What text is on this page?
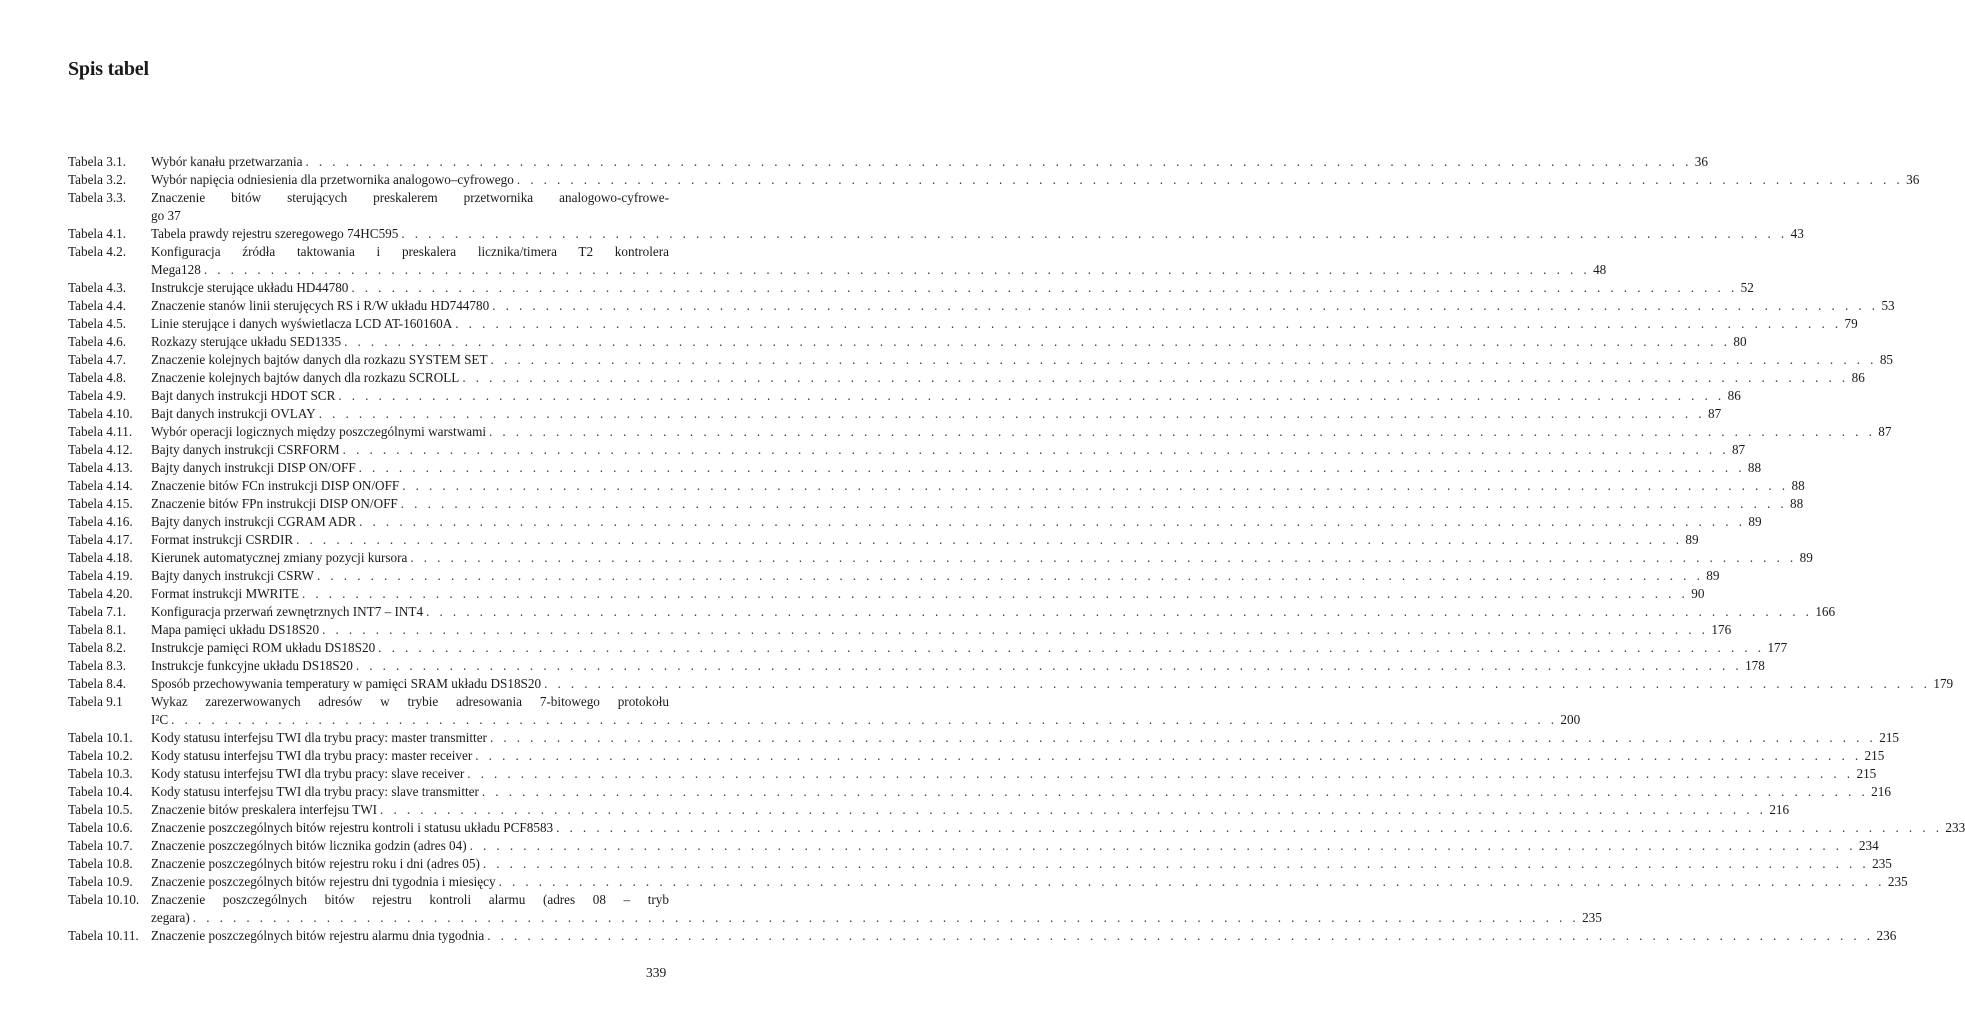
Spis tabel
Tabela 3.1.	Wybór kanału przetwarzania . . .	36
Tabela 3.2.	Wybór napięcia odniesienia dla przetwornika analogowo–cyfrowego . . .	36
Tabela 3.3.	Znaczenie bitów sterujących preskalerem przetwornika analogowo-cyfrowe-
go 37
Tabela 4.1.	Tabela prawdy rejestru szeregowego 74HC595 . . .	43
Tabela 4.2.	Konfiguracja źródła taktowania i preskalera licznika/timera T2 kontrolera
Mega128 . . .	48
Tabela 4.3.	Instrukcje sterujące układu HD44780 . . .	52
Tabela 4.4.	Znaczenie stanów linii sterujęcych RS i R/W układu HD744780 . . .	53
Tabela 4.5.	Linie sterujące i danych wyświetlacza LCD AT-160160A . . .	79
Tabela 4.6.	Rozkazy sterujące układu SED1335 . . .	80
Tabela 4.7.	Znaczenie kolejnych bajtów danych dla rozkazu SYSTEM SET . . .	85
Tabela 4.8.	Znaczenie kolejnych bajtów danych dla rozkazu SCROLL . . .	86
Tabela 4.9.	Bajt danych instrukcji HDOT SCR . . .	86
Tabela 4.10.	Bajt danych instrukcji OVLAY . . .	87
Tabela 4.11.	Wybór operacji logicznych między poszczególnymi warstwami . . .	87
Tabela 4.12.	Bajty danych instrukcji CSRFORM . . .	87
Tabela 4.13.	Bajty danych instrukcji DISP ON/OFF . . .	88
Tabela 4.14.	Znaczenie bitów FCn instrukcji DISP ON/OFF . . .	88
Tabela 4.15.	Znaczenie bitów FPn instrukcji DISP ON/OFF . . .	88
Tabela 4.16.	Bajty danych instrukcji CGRAM ADR . . .	89
Tabela 4.17.	Format instrukcji CSRDIR . . .	89
Tabela 4.18.	Kierunek automatycznej zmiany pozycji kursora . . .	89
Tabela 4.19.	Bajty danych instrukcji CSRW . . .	89
Tabela 4.20.	Format instrukcji MWRITE . . .	90
Tabela 7.1.	Konfiguracja przerwań zewnętrznych INT7 – INT4 . . .	166
Tabela 8.1.	Mapa pamięci układu DS18S20 . . .	176
Tabela 8.2.	Instrukcje pamięci ROM układu DS18S20 . . .	177
Tabela 8.3.	Instrukcje funkcyjne układu DS18S20 . . .	178
Tabela 8.4.	Sposób przechowywania temperatury w pamięci SRAM układu DS18S20 . . .	179
Tabela 9.1	Wykaz zarezerwowanych adresów w trybie adresowania 7-bitowego protokołu
I²C . . .	200
Tabela 10.1.	Kody statusu interfejsu TWI dla trybu pracy: master transmitter . . .	215
Tabela 10.2.	Kody statusu interfejsu TWI dla trybu pracy: master receiver . . .	215
Tabela 10.3.	Kody statusu interfejsu TWI dla trybu pracy: slave receiver . . .	215
Tabela 10.4.	Kody statusu interfejsu TWI dla trybu pracy: slave transmitter . . .	216
Tabela 10.5.	Znaczenie bitów preskalera interfejsu TWI . . .	216
Tabela 10.6.	Znaczenie poszczególnych bitów rejestru kontroli i statusu układu PCF8583 . . .	233
Tabela 10.7.	Znaczenie poszczególnych bitów licznika godzin (adres 04) . . .	234
Tabela 10.8.	Znaczenie poszczególnych bitów rejestru roku i dni (adres 05) . . .	235
Tabela 10.9.	Znaczenie poszczególnych bitów rejestru dni tygodnia i miesięcy . . .	235
Tabela 10.10. Znaczenie poszczególnych bitów rejestru kontroli alarmu (adres 08 – tryb
zegara) . . .	235
Tabela 10.11. Znaczenie poszczególnych bitów rejestru alarmu dnia tygodnia . . .	236
339
